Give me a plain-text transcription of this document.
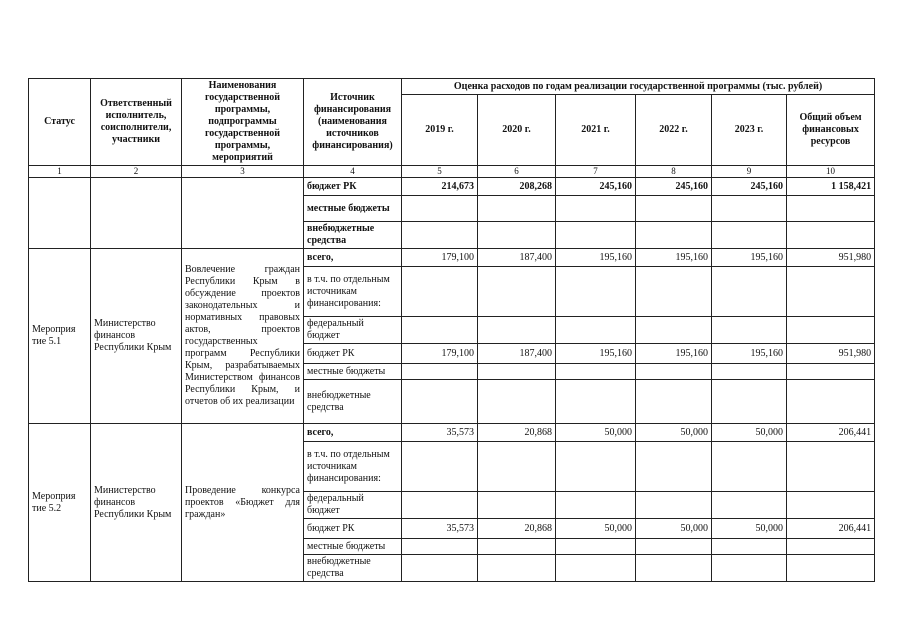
Статус	Ответственный исполнитель, соисполнители, участники	Наименования государственной программы, подпрограммы государственной программы, мероприятий	Источник финансирования (наименования источников финансирования)	Оценка расходов по годам реализации государственной программы (тыс. рублей)					
				2019 г.	2020 г.	2021 г.	2022 г.	2023 г.	Общий объем финансовых ресурсов
1	2	3	4	5	6	7	8	9	10
			бюджет РК	214,673	208,268	245,160	245,160	245,160	1 158,421
			местные бюджеты						
			внебюджетные средства						
Мероприя тие 5.1	Министерство финансов Республики Крым	Вовлечение граждан Республики Крым в обсуждение проектов законодательных и нормативных правовых актов, проектов государственных программ Республики Крым, разрабатываемых Министерством финансов Республики Крым, и отчетов об их реализации	всего,	179,100	187,400	195,160	195,160	195,160	951,980
			в т.ч. по отдельным источникам финансирования:						
			федеральный бюджет						
			бюджет РК	179,100	187,400	195,160	195,160	195,160	951,980
			местные бюджеты						
			внебюджетные средства						
Мероприя тие 5.2	Министерство финансов Республики Крым	Проведение конкурса проектов «Бюджет для граждан»	всего,	35,573	20,868	50,000	50,000	50,000	206,441
			в т.ч. по отдельным источникам финансирования:						
			федеральный бюджет						
			бюджет РК	35,573	20,868	50,000	50,000	50,000	206,441
			местные бюджеты						
			внебюджетные средства						
